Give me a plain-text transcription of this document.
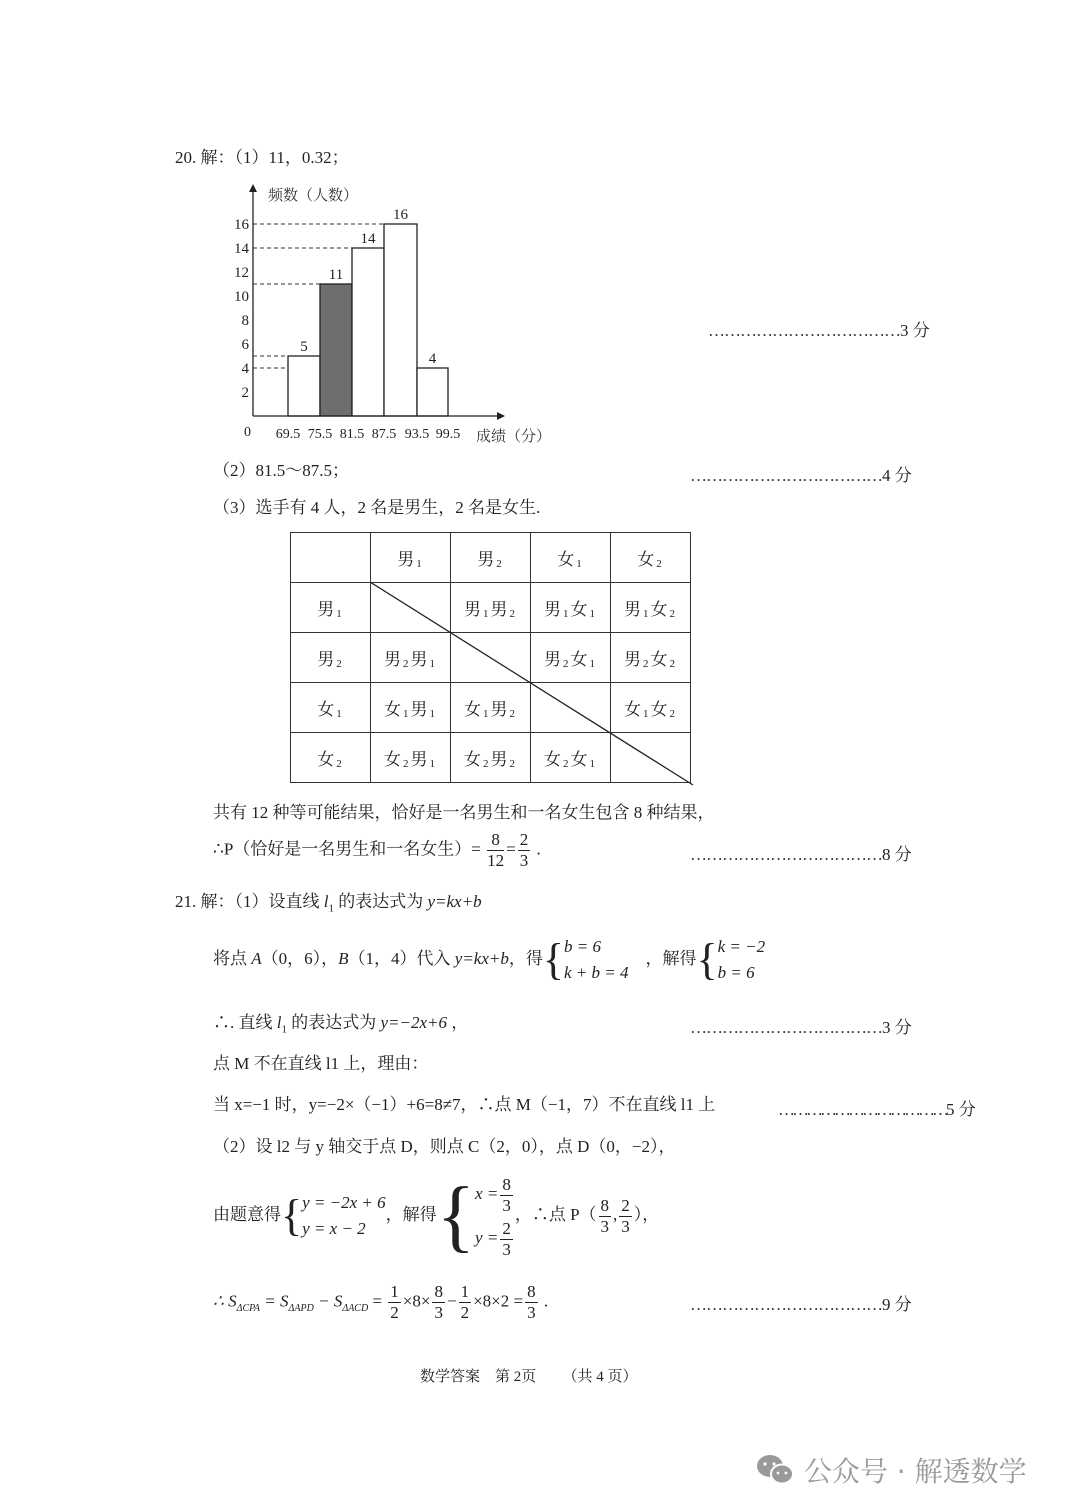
20. 解：（1）11，0.32；
5
11
14
16
4
2
4
6
8
10
12
14
16
69.5 75.5 81.5 87.5 93.5 99.5
0
频数（人数）
成绩（分）
………………………………3 分
（2）81.5～87.5；	………………………………4 分
（3）选手有 4 人，2 名是男生，2 名是女生.
	男 $_1$	男 $_2$	女 $_1$	女 $_2$
男 $_1$		男 $_1$ 男 $_2$	男 $_1$ 女 $_1$	男 $_1$ 女 $_2$
男 $_2$	男 $_2$ 男 $_1$		男 $_2$ 女 $_1$	男 $_2$ 女 $_2$
女 $_1$	女 $_1$ 男 $_1$	女 $_1$ 男 $_2$		女 $_1$ 女 $_2$
女 $_2$	女 $_2$ 男 $_1$	女 $_2$ 男 $_2$	女 $_2$ 女 $_1$	
共有 12 种等可能结果，恰好是一名男生和一名女生包含 8 种结果，
∴P（恰好是一名男生和一名女生）= $\frac{8}{12} = \frac{2}{3}$ .	………………………………8 分
21. 解：（1）设直线 $l_1$ 的表达式为 y=kx+b
将点 A（0，6），B（1，4）代入 y=kx+b，得{ b = 6
k + b = 4
，解得{ k = −2
b = 6
∴. 直线 $l_1$ 的表达式为 y=−2x+6 ，	………………………………3 分
点 M 不在直线 l1 上，理由：
当 x=−1 时，y=−2×（−1）+6=8≠7，∴点 M（−1，7）不在直线 l1 上	………………………………5 分
（2）设 l2 与 y 轴交于点 D，则点 C（2，0），点 D（0，−2），
由题意得{ y = −2x + 6
y = x − 2
，解得{ $x = \frac{8}{3}$
$y = \frac{2}{3}$
，∴点 $P( \frac{8}{3}$ , $\frac{2}{3}$ ），
∴ $S_{\Delta CPA} = S_{\Delta APD} - S_{\Delta ACD} = \frac{1}{2} \times 8\times \frac{8}{3} - \frac{1}{2} \times 8\times 2 = \frac{8}{3}$ .	………………………………9 分
数学答案 第 2页 （共 4 页）
公众号 · 解透数学
